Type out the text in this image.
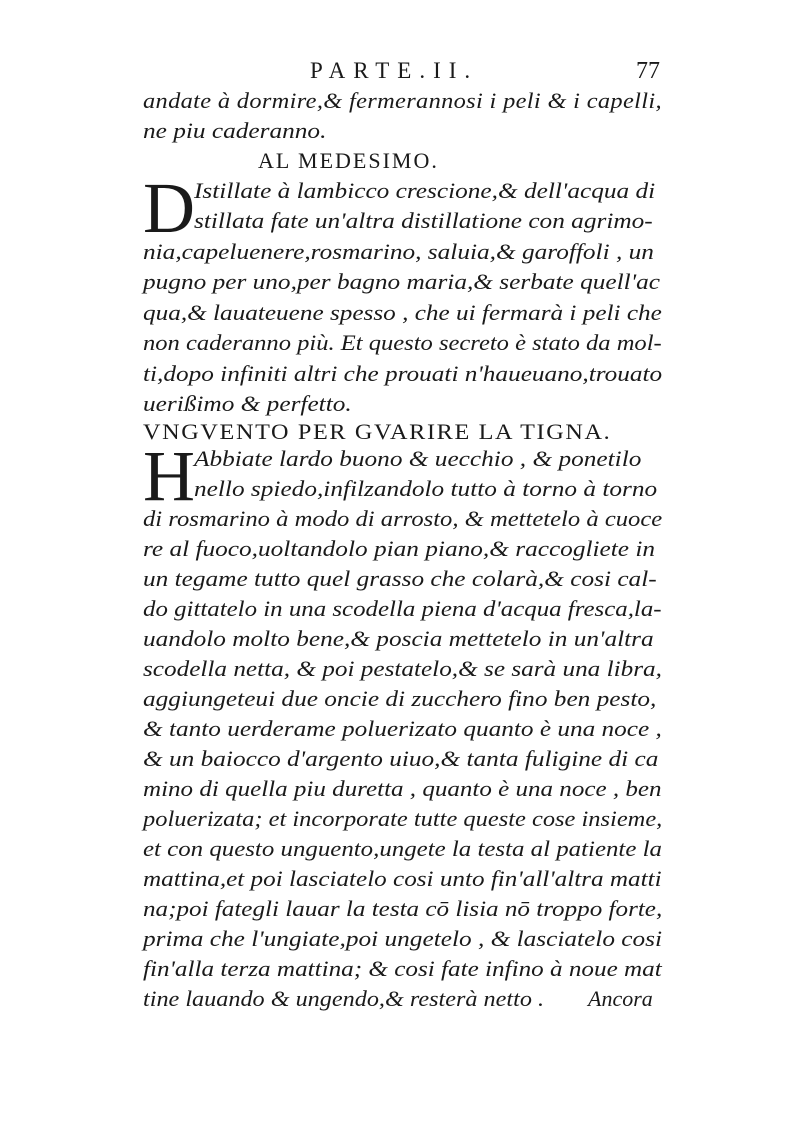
PARTE.II.	77
andate à dormire,& fermerannosi i peli & i capelli,
ne piu caderanno.
AL MEDESIMO.
D Istillate à lambicco crescione,& dell'acqua di
stillata fate un'altra distillatione con agrimo-
nia,capeluenere,rosmarino, saluia,& garoffoli , un
pugno per uno,per bagno maria,& serbate quell'ac
qua,& lauateuene spesso , che ui fermarà i peli che
non caderanno più. Et questo secreto è stato da mol-
ti,dopo infiniti altri che prouati n'haueuano,trouato
uerißimo & perfetto.
VNGVENTO PER GVARIRE LA TIGNA.
H Abbiate lardo buono & uecchio , & ponetilo
nello spiedo,infilzandolo tutto à torno à torno
di rosmarino à modo di arrosto, & mettetelo à cuoce
re al fuoco,uoltandolo pian piano,& raccogliete in
un tegame tutto quel grasso che colarà,& cosi cal-
do gittatelo in una scodella piena d'acqua fresca,la-
uandolo molto bene,& poscia mettetelo in un'altra
scodella netta, & poi pestatelo,& se sarà una libra,
aggiungeteui due oncie di zucchero fino ben pesto,
& tanto uerderame poluerizato quanto è una noce ,
& un baiocco d'argento uiuo,& tanta fuligine di ca
mino di quella piu duretta , quanto è una noce , ben
poluerizata; et incorporate tutte queste cose insieme,
et con questo unguento,ungete la testa al patiente la
mattina,et poi lasciatelo cosi unto fin'all'altra matti
na;poi fategli lauar la testa cō lisia nō troppo forte,
prima che l'ungiate,poi ungetelo , & lasciatelo cosi
fin'alla terza mattina; & cosi fate infino à noue mat
tine lauando & ungendo,& resterà netto . Ancora
